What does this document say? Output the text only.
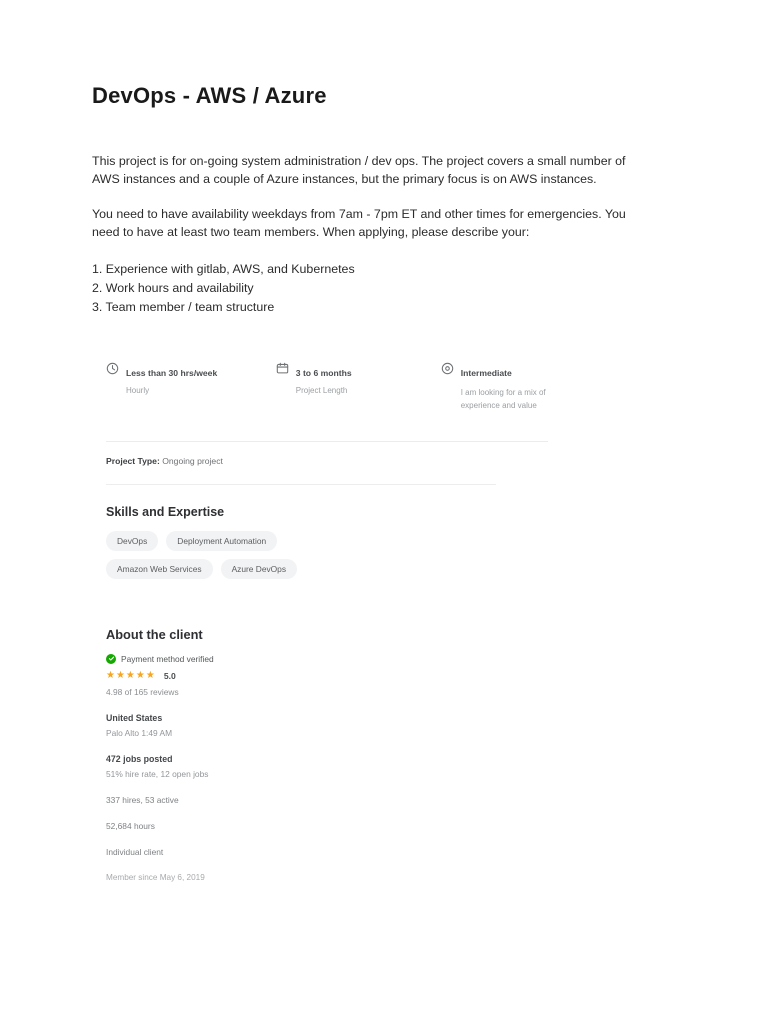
DevOps - AWS / Azure

This project is for on-going system administration / dev ops. The project covers a small number of AWS instances and a couple of Azure instances, but the primary focus is on AWS instances.

You need to have availability weekdays from 7am - 7pm ET and other times for emergencies. You need to have at least two team members. When applying, please describe your:

1. Experience with gitlab, AWS, and Kubernetes
2. Work hours and availability
3. Team member / team structure
Less than 30 hrs/week
Hourly
3 to 6 months
Project Length
Intermediate
I am looking for a mix of experience and value
Project Type: Ongoing project
Skills and Expertise
DevOps	Deployment Automation
Amazon Web Services	Azure DevOps
About the client
Payment method verified
★★★★★ 5.0
4.98 of 165 reviews
United States
Palo Alto 1:49 AM
472 jobs posted
51% hire rate, 12 open jobs
337 hires, 53 active
52,684 hours
Individual client
Member since May 6, 2019
